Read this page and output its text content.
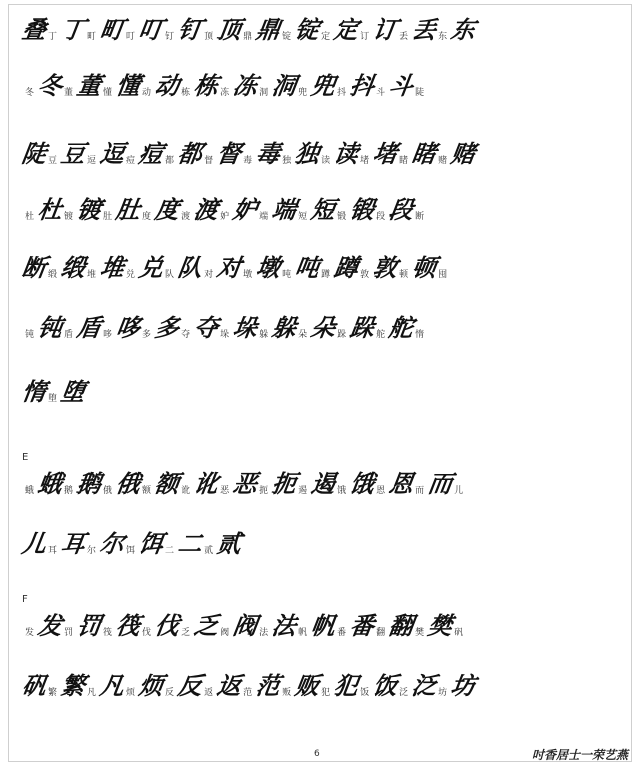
叠 丁 丁 町 町 叮 叮 钉 钉 顶 顶 鼎 鼎 锭 锭 定 定 订 订 丢 丢 东 东
冬 冬 董 董 懂 懂 动 动 栋 栋 冻 冻 洞 洞 兜 兜 抖 抖 斗 斗 陡
陡 豆 豆 逗 逗 痘 痘 都 都 督 督 毒 毒 独 独 读 读 堵 堵 睹 睹 赌 赌
杜 杜 镀 镀 肚 肚 度 度 渡 渡 妒 妒 端 端 短 短 锻 锻 段 段 断
断 缎 缎 堆 堆 兑 兑 队 队 对 对 墩 墩 吨 吨 蹲 蹲 敦 敦 顿 顿 囤
钝 钝 盾 盾 哆 哆 多 多 夺 夺 垛 垛 躲 躲 朵 朵 跺 跺 舵 舵 惰
惰 堕 堕
蛾 蛾 鹅 鹅 俄 俄 额 额 讹 讹 恶 恶 扼 扼 遏 遏 饿 饿 恩 恩 而 而 儿
儿 耳 耳 尔 尔 饵 饵 二 二 贰 贰
发 发 罚 罚 筏 筏 伐 伐 乏 乏 阀 阀 法 法 帆 帆 番 番 翻 翻 樊 樊 矾
矾 繁 繁 凡 凡 烦 烦 反 反 返 返 范 范 贩 贩 犯 犯 饭 饭 泛 泛 坊 坊
E
F
6	吋香居士一荣艺燕
